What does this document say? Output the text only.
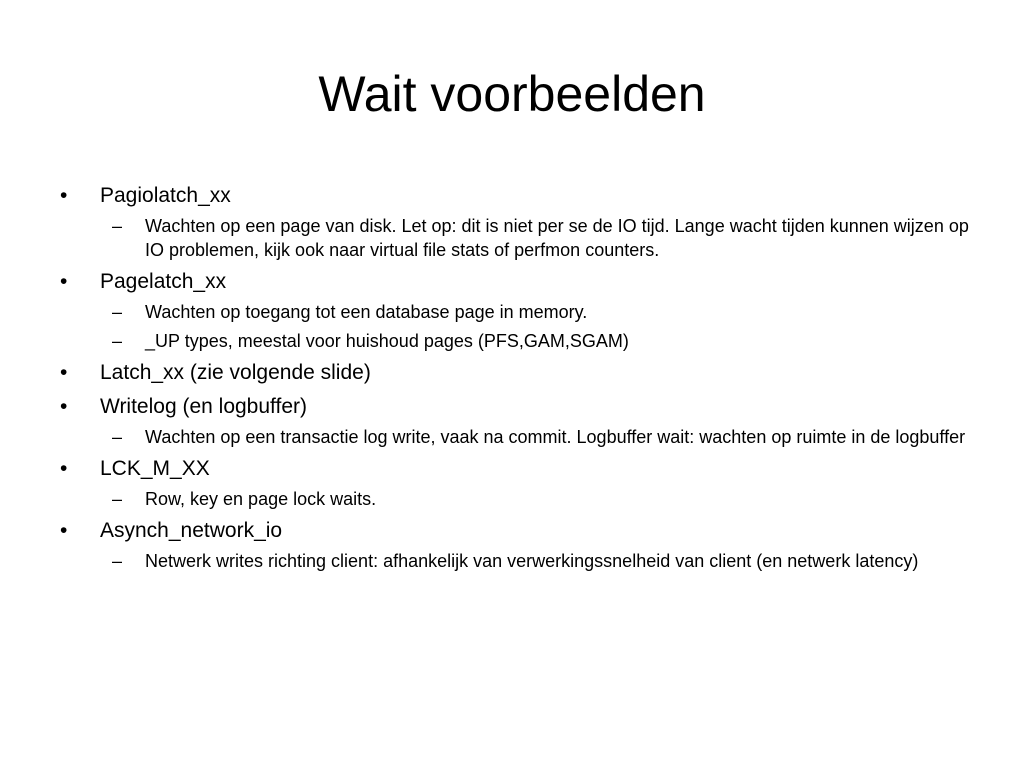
Wait voorbeelden
• Pagiolatch_xx
– Wachten op een page van disk. Let op: dit is niet per se de IO tijd. Lange wacht tijden kunnen wijzen op IO problemen, kijk ook naar virtual file stats of perfmon counters.
• Pagelatch_xx
– Wachten op toegang tot een database page in memory.
– _UP types, meestal voor huishoud pages (PFS,GAM,SGAM)
• Latch_xx (zie volgende slide)
• Writelog (en logbuffer)
– Wachten op een transactie log write, vaak na commit. Logbuffer wait: wachten op ruimte in de logbuffer
• LCK_M_XX
– Row, key en page lock waits.
• Asynch_network_io
– Netwerk writes richting client: afhankelijk van verwerkingssnelheid van client (en netwerk latency)
